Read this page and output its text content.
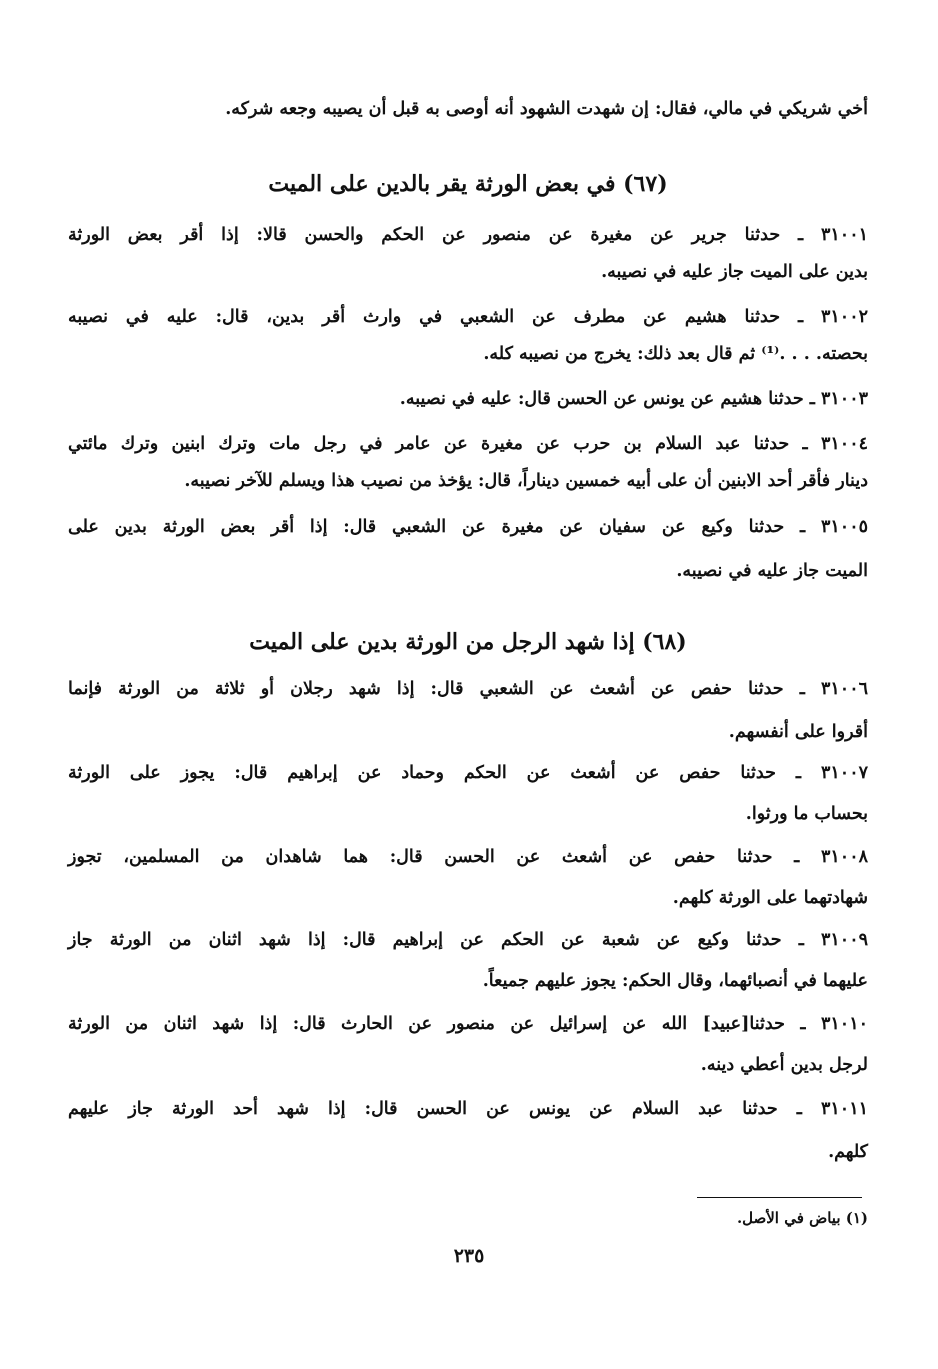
أخي شريكي في مالي، فقال: إن شهدت الشهود أنه أوصى به قبل أن يصيبه وجعه شركه.
(٦٧) في بعض الورثة يقر بالدين على الميت
٣١٠٠١ ـ حدثنا جرير عن مغيرة عن منصور عن الحكم والحسن قالا: إذا أقر بعض الورثة
بدين على الميت جاز عليه في نصيبه.
٣١٠٠٢ ـ حدثنا هشيم عن مطرف عن الشعبي في وارث أقر بدين، قال: عليه في نصيبه
بحصته. . . .⁽¹⁾ ثم قال بعد ذلك: يخرج من نصيبه كله.
٣١٠٠٣ ـ حدثنا هشيم عن يونس عن الحسن قال: عليه في نصيبه.
٣١٠٠٤ ـ حدثنا عبد السلام بن حرب عن مغيرة عن عامر في رجل مات وترك ابنين وترك مائتي
دينار فأقر أحد الابنين أن على أبيه خمسين ديناراً، قال: يؤخذ من نصيب هذا ويسلم للآخر نصيبه.
٣١٠٠٥ ـ حدثنا وكيع عن سفيان عن مغيرة عن الشعبي قال: إذا أقر بعض الورثة بدين على
الميت جاز عليه في نصيبه.
(٦٨) إذا شهد الرجل من الورثة بدين على الميت
٣١٠٠٦ ـ حدثنا حفص عن أشعث عن الشعبي قال: إذا شهد رجلان أو ثلاثة من الورثة فإنما
أقروا على أنفسهم.
٣١٠٠٧ ـ حدثنا حفص عن أشعث عن الحكم وحماد عن إبراهيم قال: يجوز على الورثة
بحساب ما ورثوا.
٣١٠٠٨ ـ حدثنا حفص عن أشعث عن الحسن قال: هما شاهدان من المسلمين، تجوز
شهادتهما على الورثة كلهم.
٣١٠٠٩ ـ حدثنا وكيع عن شعبة عن الحكم عن إبراهيم قال: إذا شهد اثنان من الورثة جاز
عليهما في أنصبائهما، وقال الحكم: يجوز عليهم جميعاً.
٣١٠١٠ ـ حدثنا[عبيد] الله عن إسرائيل عن منصور عن الحارث قال: إذا شهد اثنان من الورثة
لرجل بدين أعطي دينه.
٣١٠١١ ـ حدثنا عبد السلام عن يونس عن الحسن قال: إذا شهد أحد الورثة جاز عليهم
كلهم.
(١) بياض في الأصل.
٢٣٥
